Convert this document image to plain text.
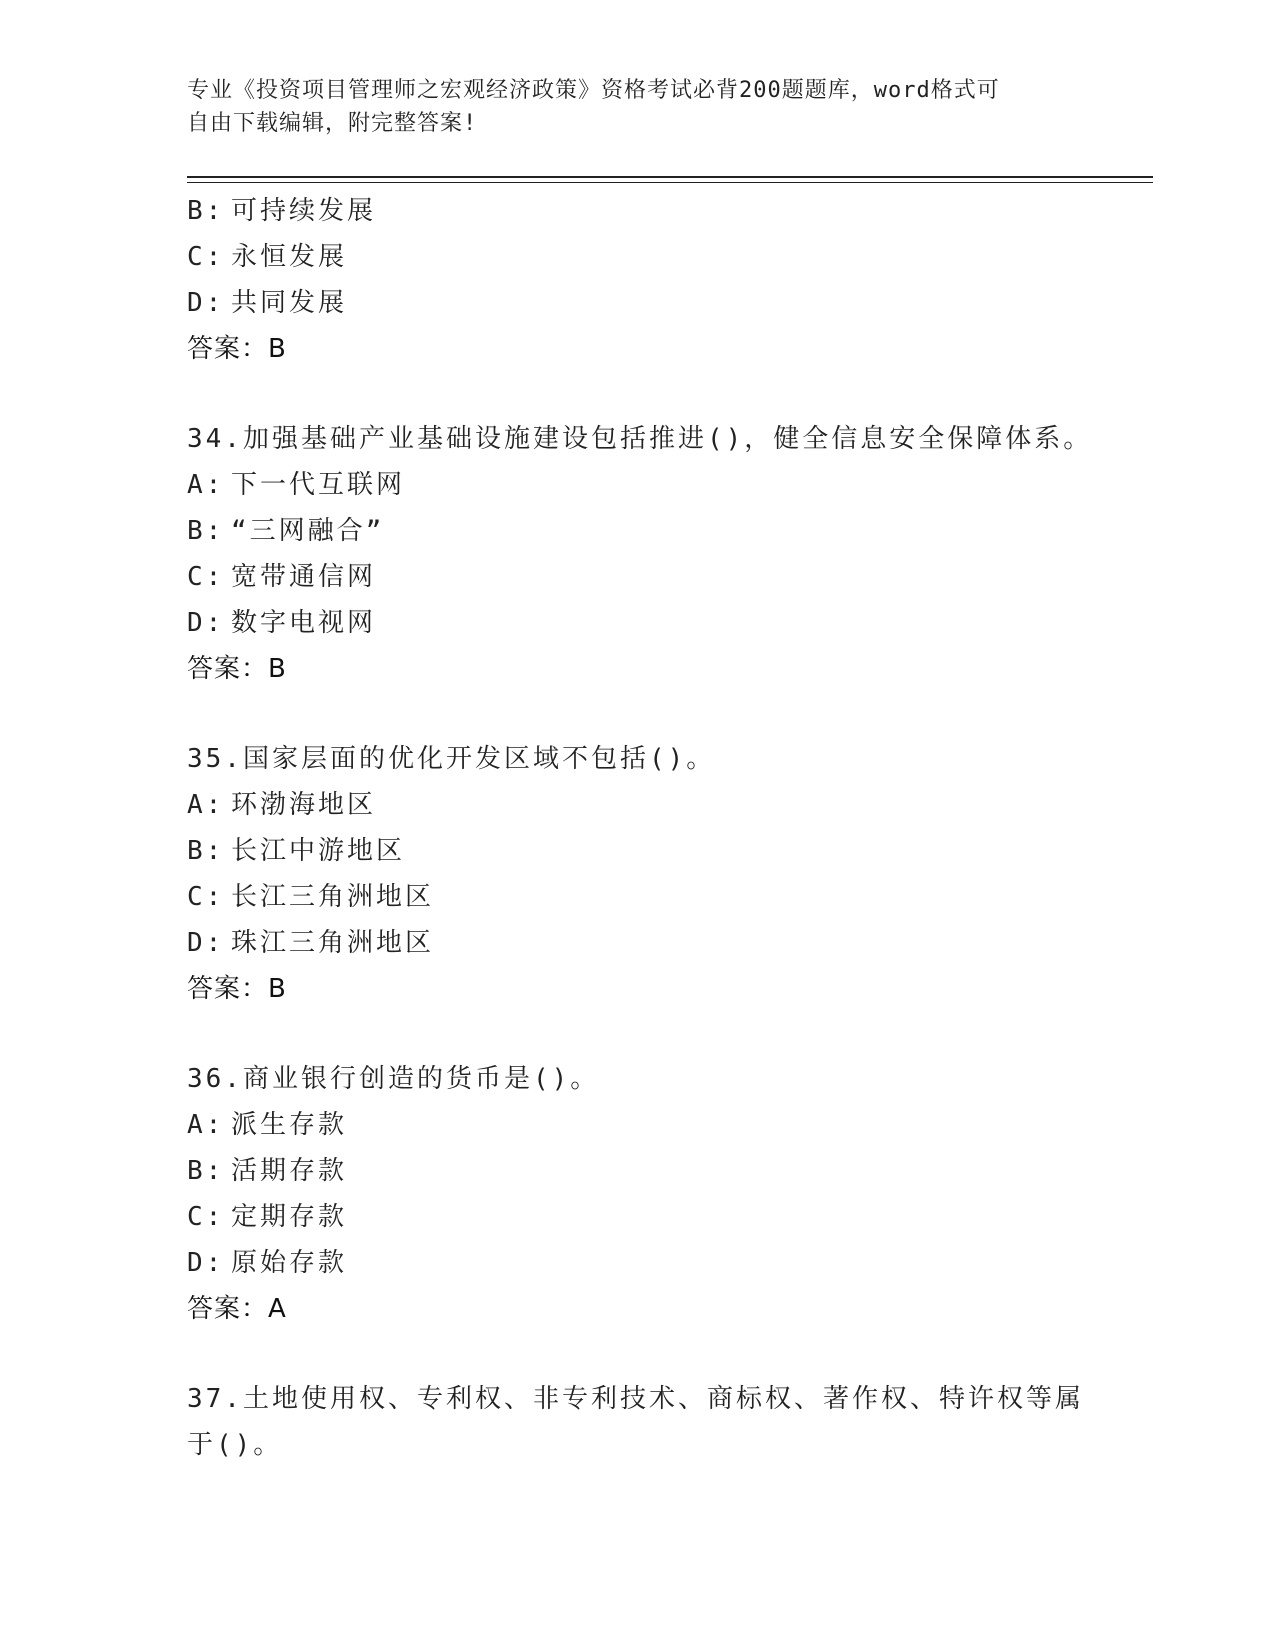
专业《投资项目管理师之宏观经济政策》资格考试必背200题题库，word格式可
自由下载编辑，附完整答案!
B: 可持续发展
C: 永恒发展
D: 共同发展
答案：B
34.加强基础产业基础设施建设包括推进()，健全信息安全保障体系。
A: 下一代互联网
B: “三网融合”
C: 宽带通信网
D: 数字电视网
答案：B
35.国家层面的优化开发区域不包括()。
A: 环渤海地区
B: 长江中游地区
C: 长江三角洲地区
D: 珠江三角洲地区
答案：B
36.商业银行创造的货币是()。
A: 派生存款
B: 活期存款
C: 定期存款
D: 原始存款
答案：A
37.土地使用权、专利权、非专利技术、商标权、著作权、特许权等属
于()。
